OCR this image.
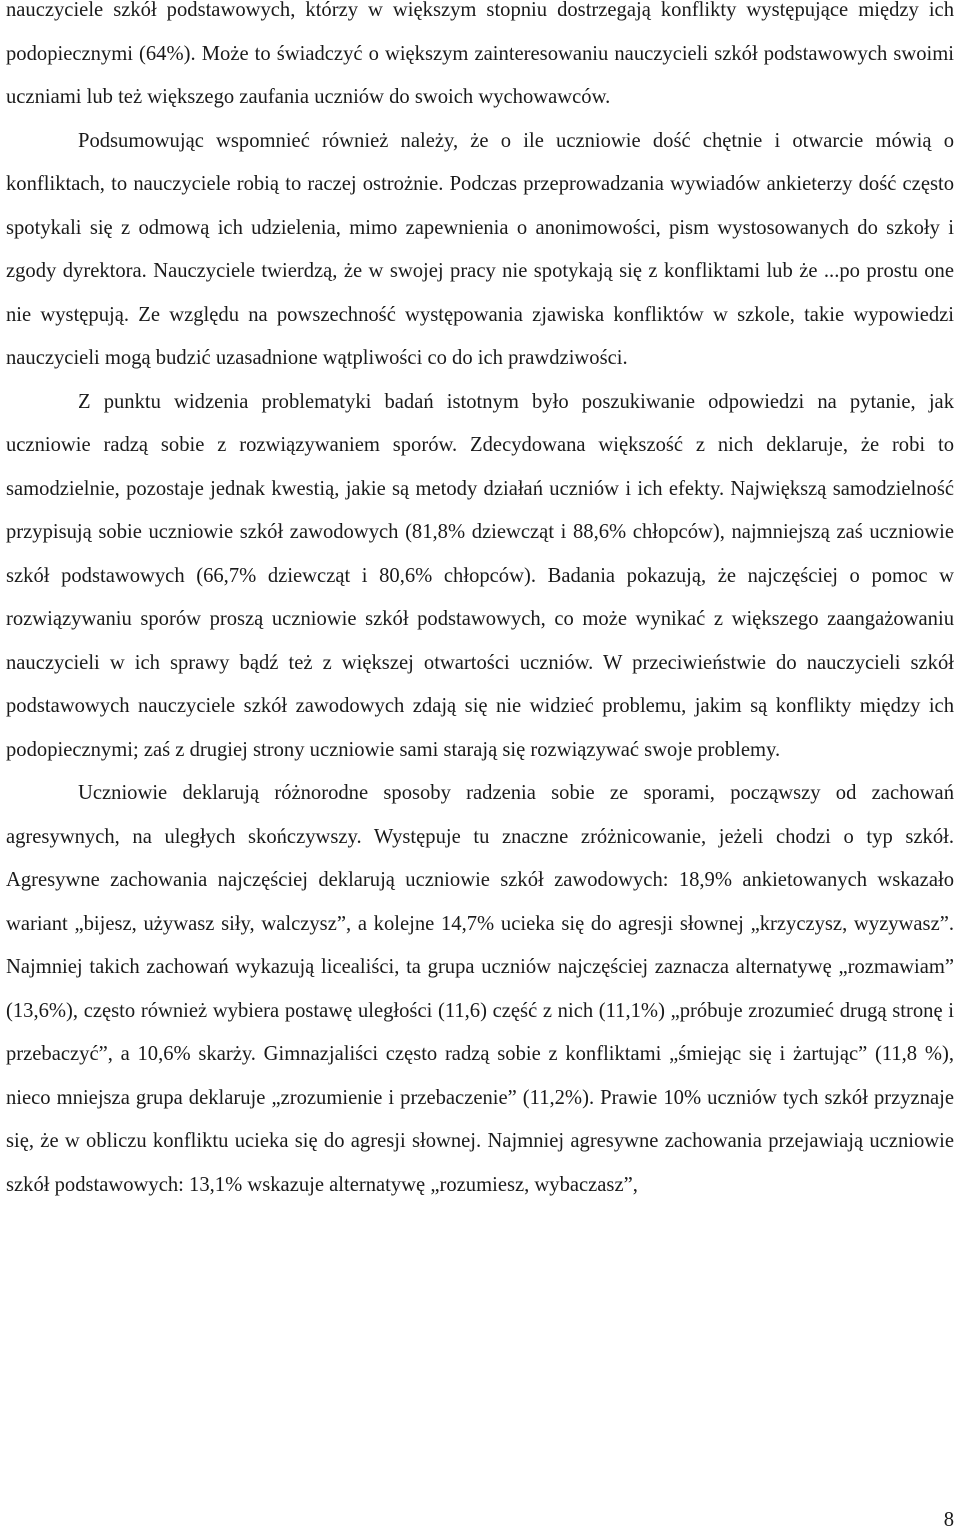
nauczyciele szkół podstawowych, którzy w większym stopniu dostrzegają konflikty występujące między ich podopiecznymi (64%). Może to świadczyć o większym zainteresowaniu nauczycieli szkół podstawowych swoimi uczniami lub też większego zaufania uczniów do swoich wychowawców.

Podsumowując wspomnieć również należy, że o ile uczniowie dość chętnie i otwarcie mówią o konfliktach, to nauczyciele robią to raczej ostrożnie. Podczas przeprowadzania wywiadów ankieterzy dość często spotykali się z odmową ich udzielenia, mimo zapewnienia o anonimowości, pism wystosowanych do szkoły i zgody dyrektora. Nauczyciele twierdzą, że w swojej pracy nie spotykają się z konfliktami lub że ...po prostu one nie występują. Ze względu na powszechność występowania zjawiska konfliktów w szkole, takie wypowiedzi nauczycieli mogą budzić uzasadnione wątpliwości co do ich prawdziwości.

Z punktu widzenia problematyki badań istotnym było poszukiwanie odpowiedzi na pytanie, jak uczniowie radzą sobie z rozwiązywaniem sporów. Zdecydowana większość z nich deklaruje, że robi to samodzielnie, pozostaje jednak kwestią, jakie są metody działań uczniów i ich efekty. Największą samodzielność przypisują sobie uczniowie szkół zawodowych (81,8% dziewcząt i 88,6% chłopców), najmniejszą zaś uczniowie szkół podstawowych (66,7% dziewcząt i 80,6% chłopców). Badania pokazują, że najczęściej o pomoc w rozwiązywaniu sporów proszą uczniowie szkół podstawowych, co może wynikać z większego zaangażowaniu nauczycieli w ich sprawy bądź też z większej otwartości uczniów. W przeciwieństwie do nauczycieli szkół podstawowych nauczyciele szkół zawodowych zdają się nie widzieć problemu, jakim są konflikty między ich podopiecznymi; zaś z drugiej strony uczniowie sami starają się rozwiązywać swoje problemy.

Uczniowie deklarują różnorodne sposoby radzenia sobie ze sporami, począwszy od zachowań agresywnych, na uległych skończywszy. Występuje tu znaczne zróżnicowanie, jeżeli chodzi o typ szkół. Agresywne zachowania najczęściej deklarują uczniowie szkół zawodowych: 18,9% ankietowanych wskazało wariant „bijesz, używasz siły, walczysz”, a kolejne 14,7% ucieka się do agresji słownej „krzyczysz, wyzywasz”. Najmniej takich zachowań wykazują licealiści, ta grupa uczniów najczęściej zaznacza alternatywę „rozmawiam” (13,6%), często również wybiera postawę uległości (11,6) część z nich (11,1%) „próbuje zrozumieć drugą stronę i przebaczyć”, a 10,6% skarży. Gimnazjaliści często radzą sobie z konfliktami „śmiejąc się i żartując” (11,8 %), nieco mniejsza grupa deklaruje „zrozumienie i przebaczenie” (11,2%). Prawie 10% uczniów tych szkół przyznaje się, że w obliczu konfliktu ucieka się do agresji słownej. Najmniej agresywne zachowania przejawiają uczniowie szkół podstawowych: 13,1% wskazuje alternatywę „rozumiesz, wybaczasz”,

8
